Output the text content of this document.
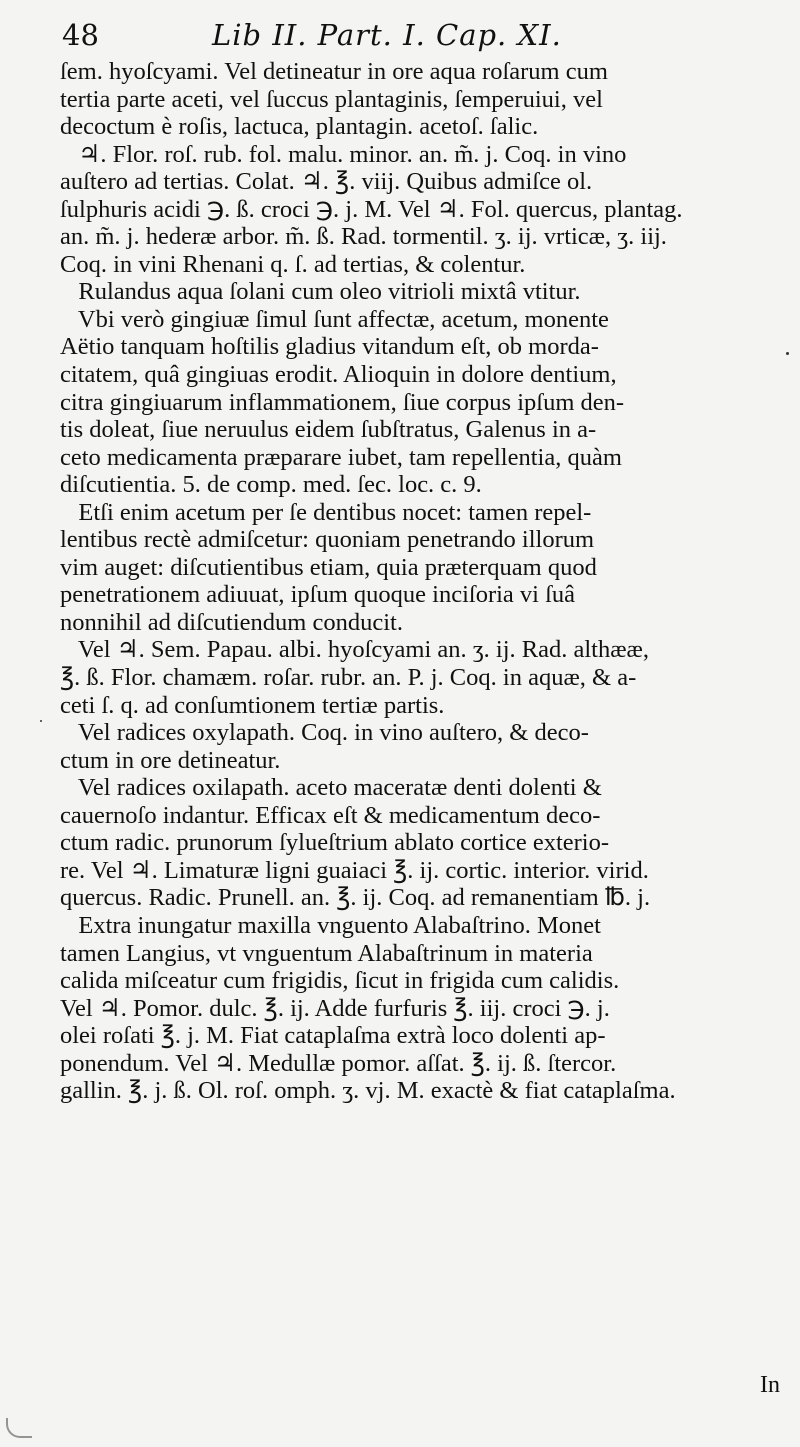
48	Lib II. Part. I. Cap. XI.
ſem. hyoſcyami. Vel detineatur in ore aqua roſarum cum
tertia parte aceti, vel ſuccus plantaginis, ſemperuiui, vel
decoctum è roſis, lactuca, plantagin. acetoſ. ſalic.
♃. Flor. roſ. rub. fol. malu. minor. an. m̃. j. Coq. in vino
auſtero ad tertias. Colat. ♃. ℥. viij. Quibus admiſce ol.
ſulphuris acidi ℈. ß. croci ℈. j. M. Vel ♃. Fol. quercus, plantag.
an. m̃. j. hederæ arbor. m̃. ß. Rad. tormentil. ʒ. ij. vrticæ, ʒ. iij.
Coq. in vini Rhenani q. ſ. ad tertias, & colentur.
Rulandus aqua ſolani cum oleo vitrioli mixtâ vtitur.
Vbi verò gingiuæ ſimul ſunt affectæ, acetum, monente
Aëtio tanquam hoſtilis gladius vitandum eſt, ob morda-
citatem, quâ gingiuas erodit. Alioquin in dolore dentium,
citra gingiuarum inflammationem, ſiue corpus ipſum den-
tis doleat, ſiue neruulus eidem ſubſtratus, Galenus in a-
ceto medicamenta præparare iubet, tam repellentia, quàm
diſcutientia. 5. de comp. med. ſec. loc. c. 9.
Etſi enim acetum per ſe dentibus nocet: tamen repel-
lentibus rectè admiſcetur: quoniam penetrando illorum
vim auget: diſcutientibus etiam, quia præterquam quod
penetrationem adiuuat, ipſum quoque inciſoria vi ſuâ
nonnihil ad diſcutiendum conducit.
Vel ♃. Sem. Papau. albi. hyoſcyami an. ʒ. ij. Rad. althææ,
℥. ß. Flor. chamæm. roſar. rubr. an. P. j. Coq. in aquæ, & a-
ceti ſ. q. ad conſumtionem tertiæ partis.
Vel radices oxylapath. Coq. in vino auſtero, & deco-
ctum in ore detineatur.
Vel radices oxilapath. aceto maceratæ denti dolenti &
cauernoſo indantur. Efficax eſt & medicamentum deco-
ctum radic. prunorum ſylueſtrium ablato cortice exterio-
re. Vel ♃. Limaturæ ligni guaiaci ℥. ij. cortic. interior. virid.
quercus. Radic. Prunell. an. ℥. ij. Coq. ad remanentiam ℔. j.
Extra inungatur maxilla vnguento Alabaſtrino. Monet
tamen Langius, vt vnguentum Alabaſtrinum in materia
calida miſceatur cum frigidis, ſicut in frigida cum calidis.
Vel ♃. Pomor. dulc. ℥. ij. Adde furfuris ℥. iij. croci ℈. j.
olei roſati ℥. j. M. Fiat cataplaſma extrà loco dolenti ap-
ponendum. Vel ♃. Medullæ pomor. aſſat. ℥. ij. ß. ſtercor.
gallin. ℥. j. ß. Ol. roſ. omph. ʒ. vj. M. exactè & fiat cataplaſma.
In
